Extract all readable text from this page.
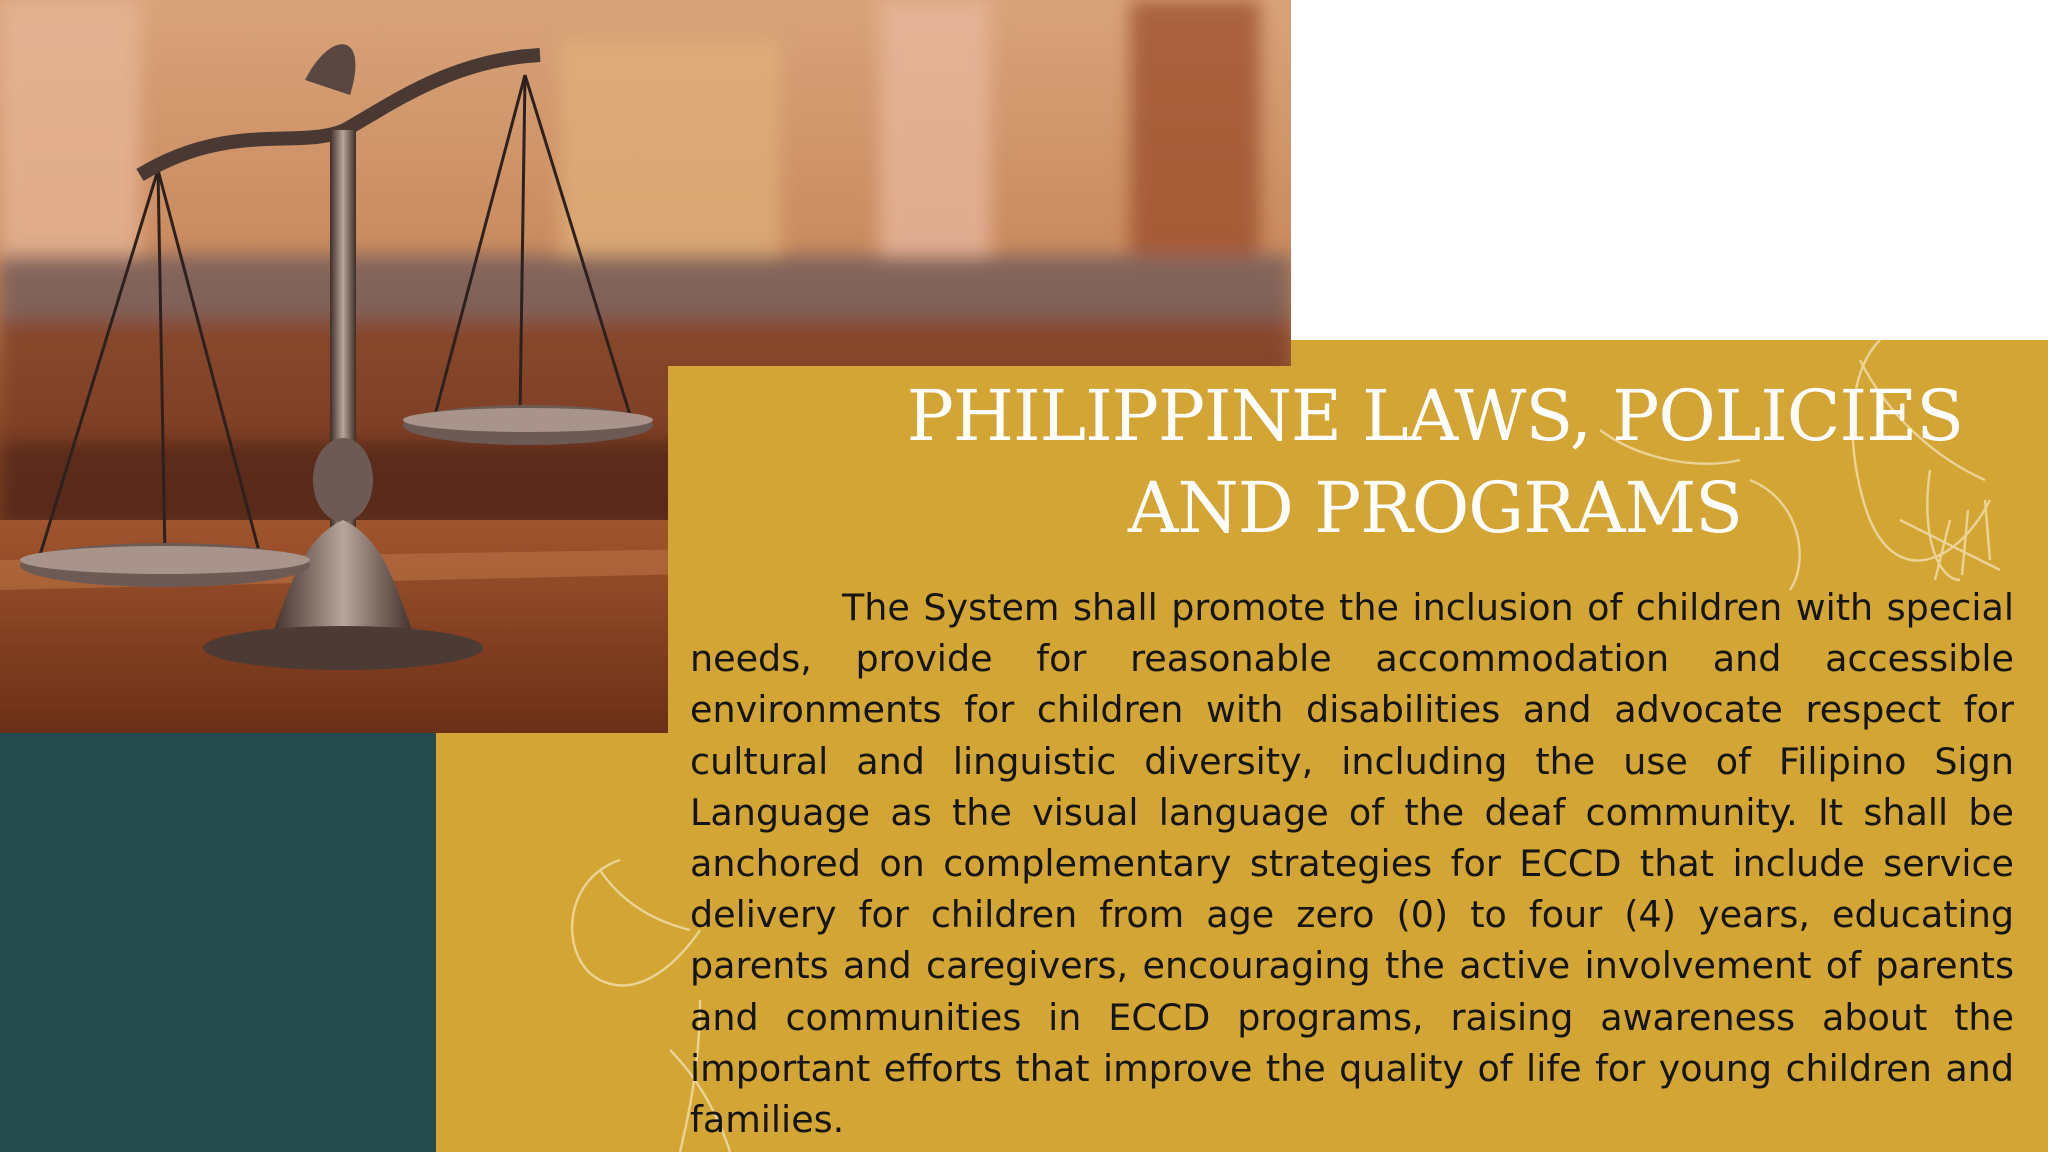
PHILIPPINE LAWS, POLICIES
AND PROGRAMS

The System shall promote the inclusion of children with special needs, provide for reasonable accommodation and accessible environments for children with disabilities and advocate respect for cultural and linguistic diversity, including the use of Filipino Sign Language as the visual language of the deaf community. It shall be anchored on complementary strategies for ECCD that include service delivery for children from age zero (0) to four (4) years, educating parents and caregivers, encouraging the active involvement of parents and communities in ECCD programs, raising awareness about the important efforts that improve the quality of life for young children and families.
